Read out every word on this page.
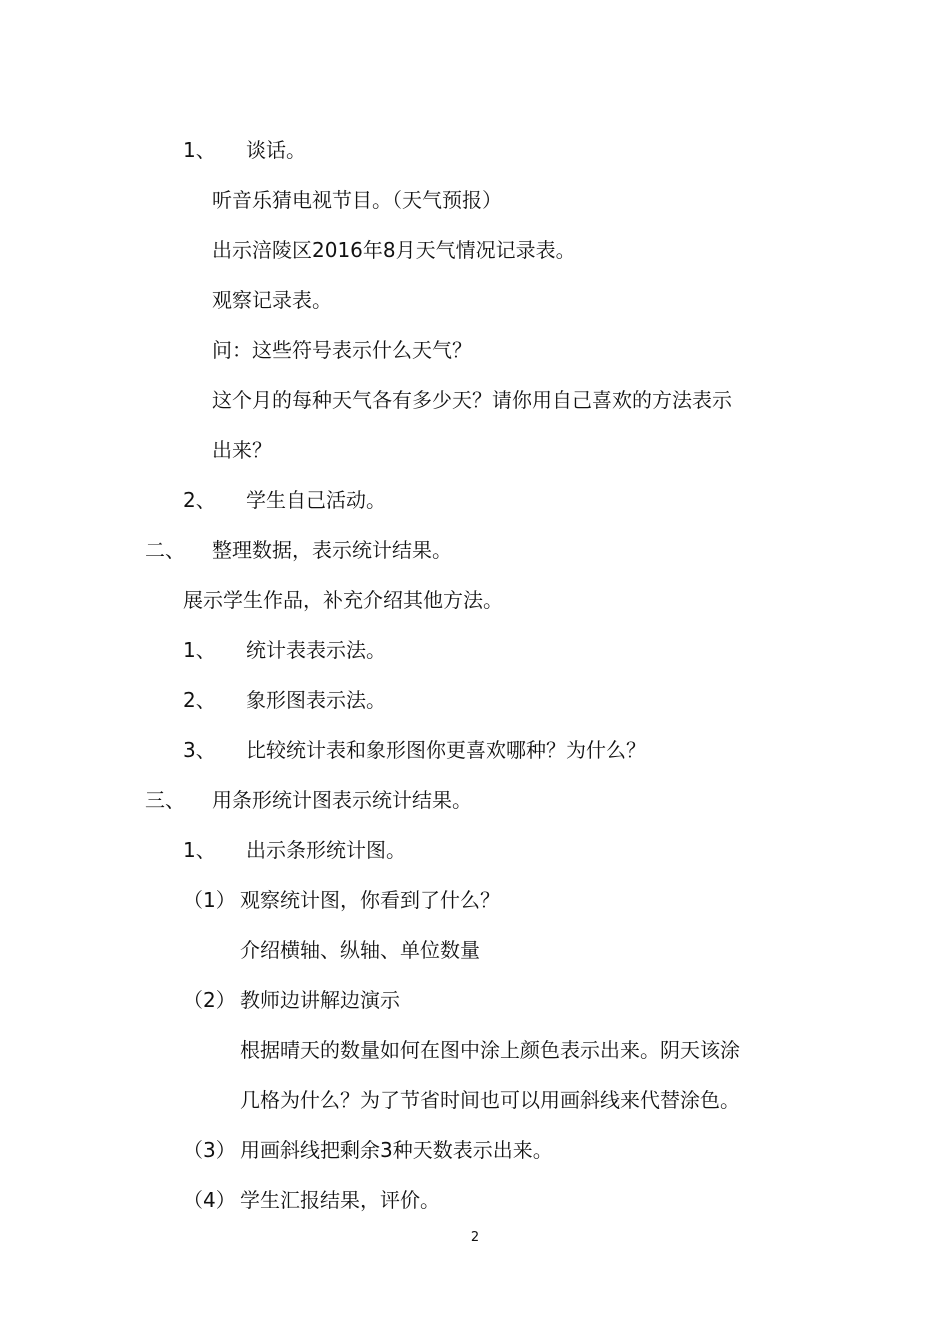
1、 谈话。
听音乐猜电视节目。（天气预报）
出示涪陵区2016年8月天气情况记录表。
观察记录表。
问：这些符号表示什么天气？
这个月的每种天气各有多少天？请你用自己喜欢的方法表示
出来？
2、 学生自己活动。
二、 整理数据，表示统计结果。
展示学生作品，补充介绍其他方法。
1、 统计表表示法。
2、 象形图表示法。
3、 比较统计表和象形图你更喜欢哪种？为什么？
三、 用条形统计图表示统计结果。
1、 出示条形统计图。
（1） 观察统计图，你看到了什么？
介绍横轴、纵轴、单位数量
（2） 教师边讲解边演示
根据晴天的数量如何在图中涂上颜色表示出来。阴天该涂
几格为什么？为了节省时间也可以用画斜线来代替涂色。
（3） 用画斜线把剩余3种天数表示出来。
（4） 学生汇报结果，评价。
2
